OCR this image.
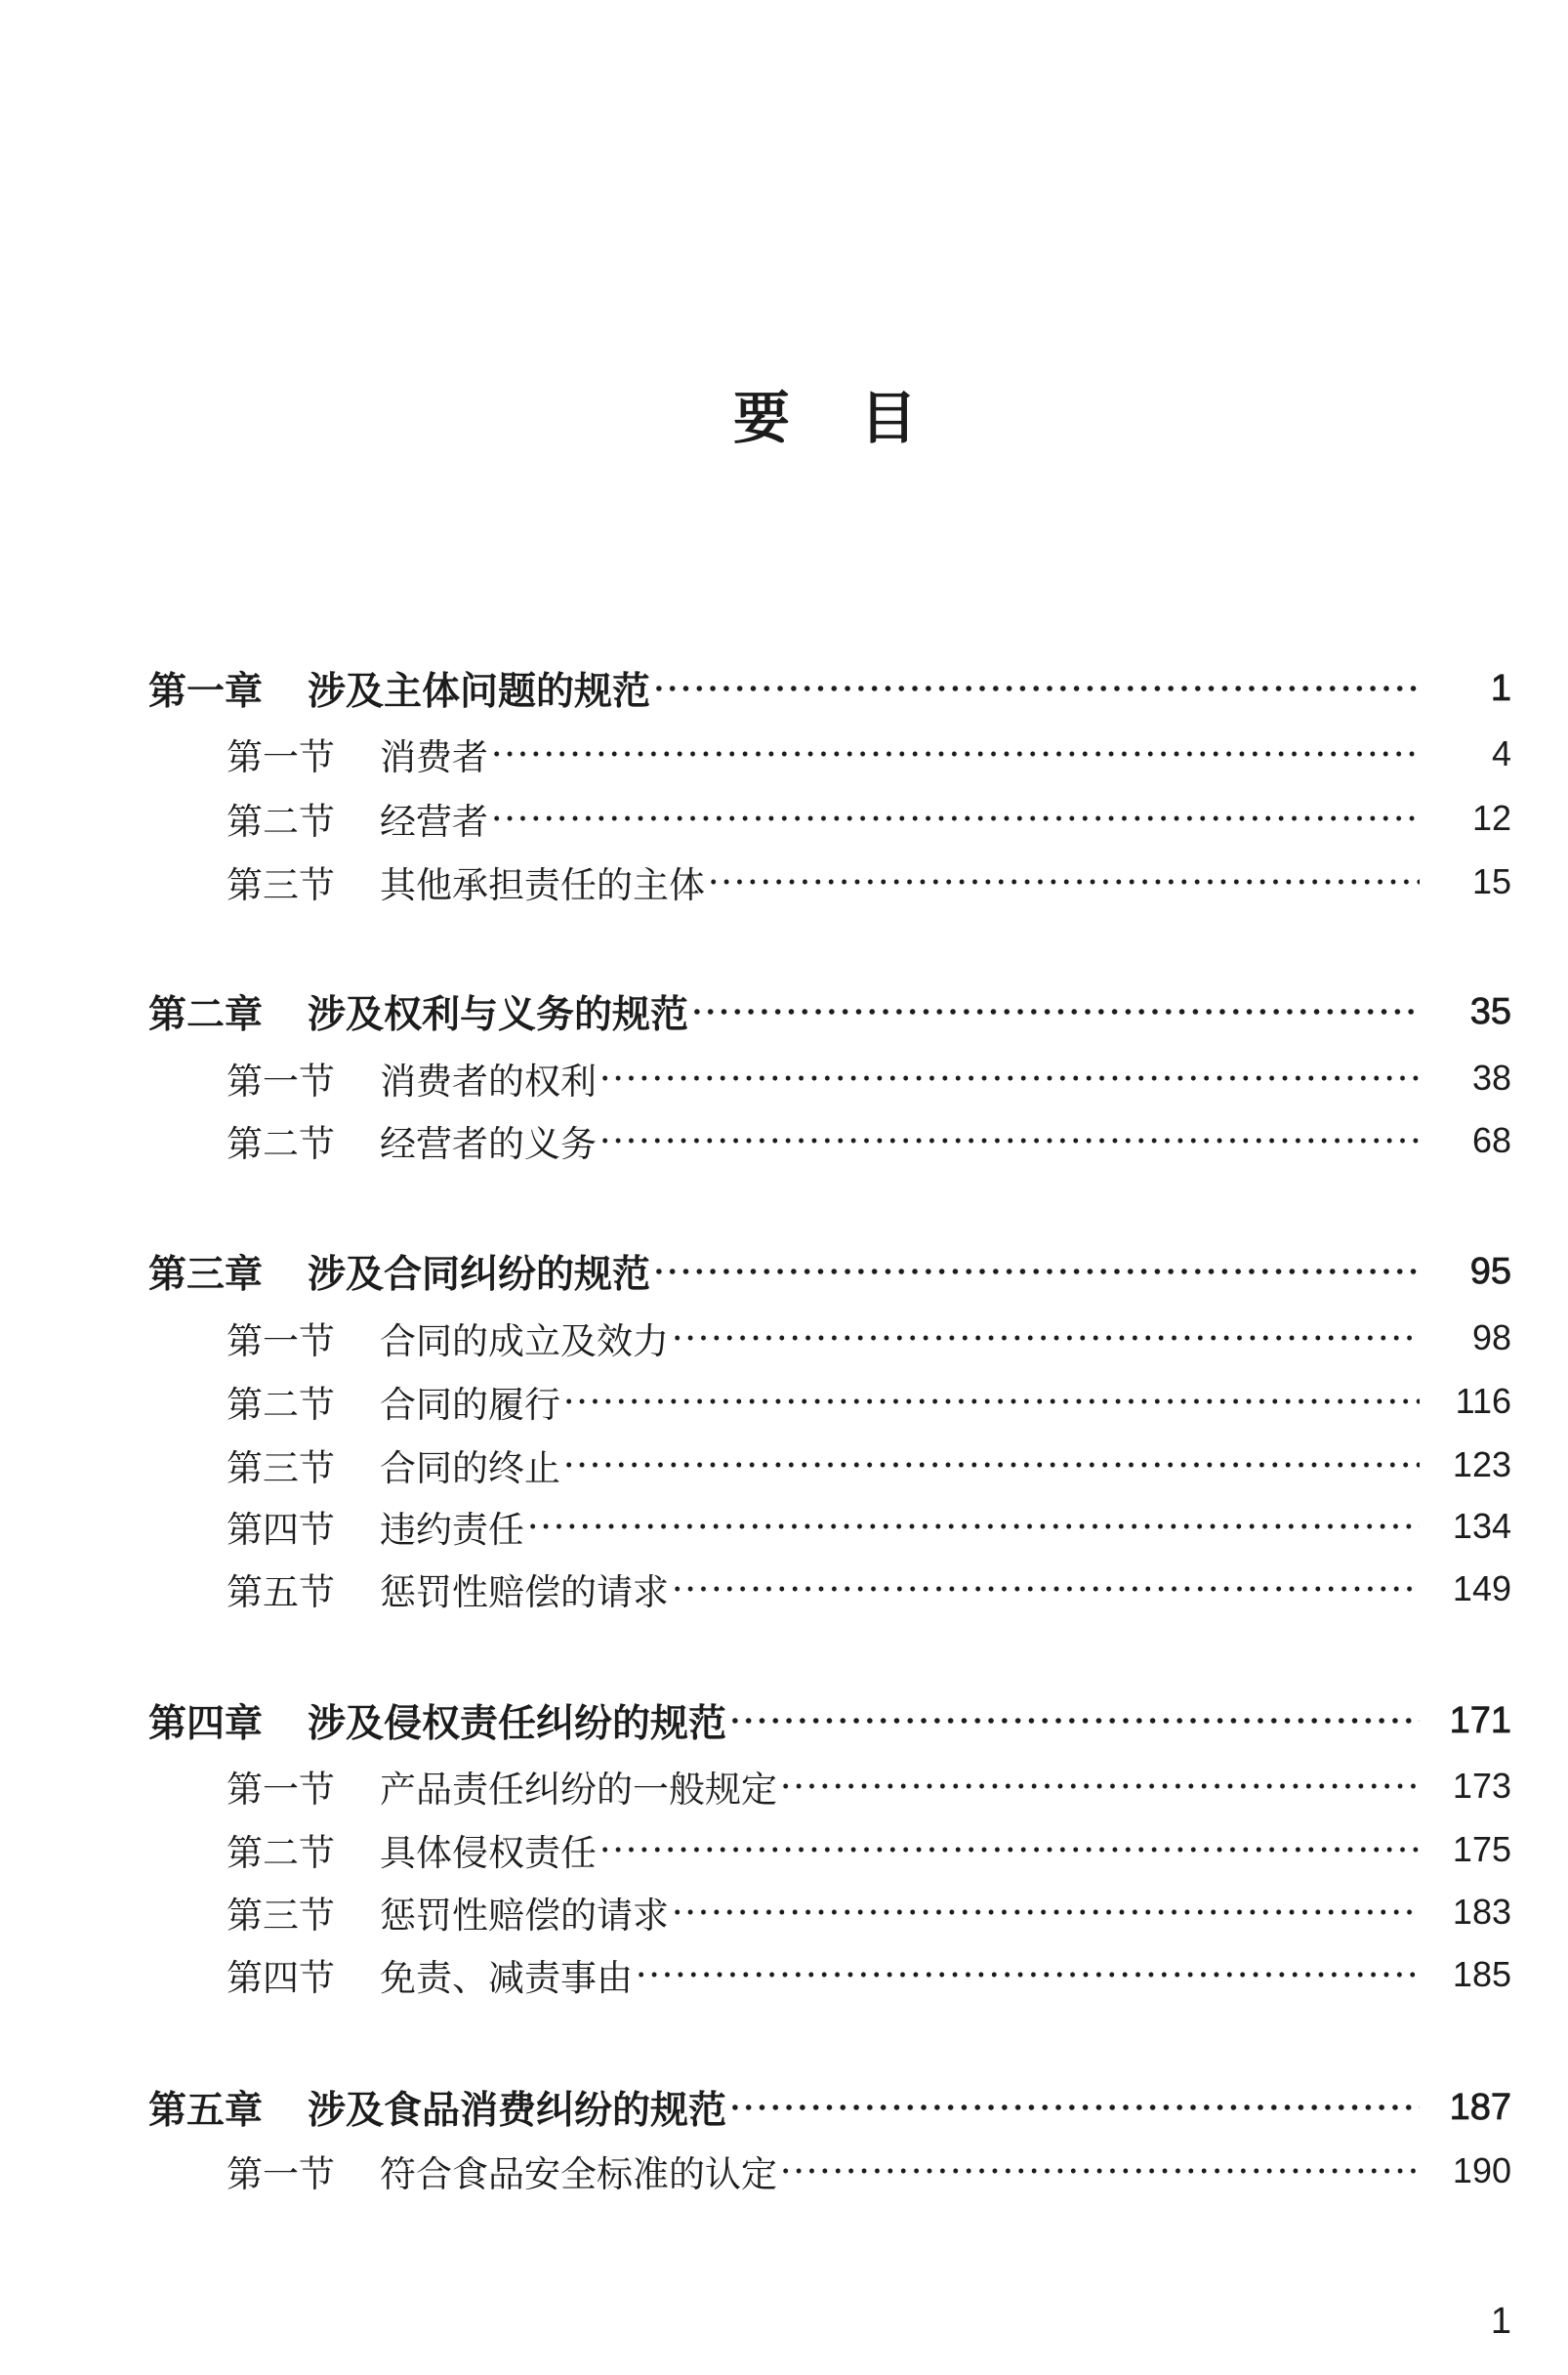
要 目
第一章 涉及主体问题的规范	1
第一节 消费者	4
第二节 经营者	12
第三节 其他承担责任的主体	15
第二章 涉及权利与义务的规范	35
第一节 消费者的权利	38
第二节 经营者的义务	68
第三章 涉及合同纠纷的规范	95
第一节 合同的成立及效力	98
第二节 合同的履行	116
第三节 合同的终止	123
第四节 违约责任	134
第五节 惩罚性赔偿的请求	149
第四章 涉及侵权责任纠纷的规范	171
第一节 产品责任纠纷的一般规定	173
第二节 具体侵权责任	175
第三节 惩罚性赔偿的请求	183
第四节 免责、减责事由	185
第五章 涉及食品消费纠纷的规范	187
第一节 符合食品安全标准的认定	190
1
